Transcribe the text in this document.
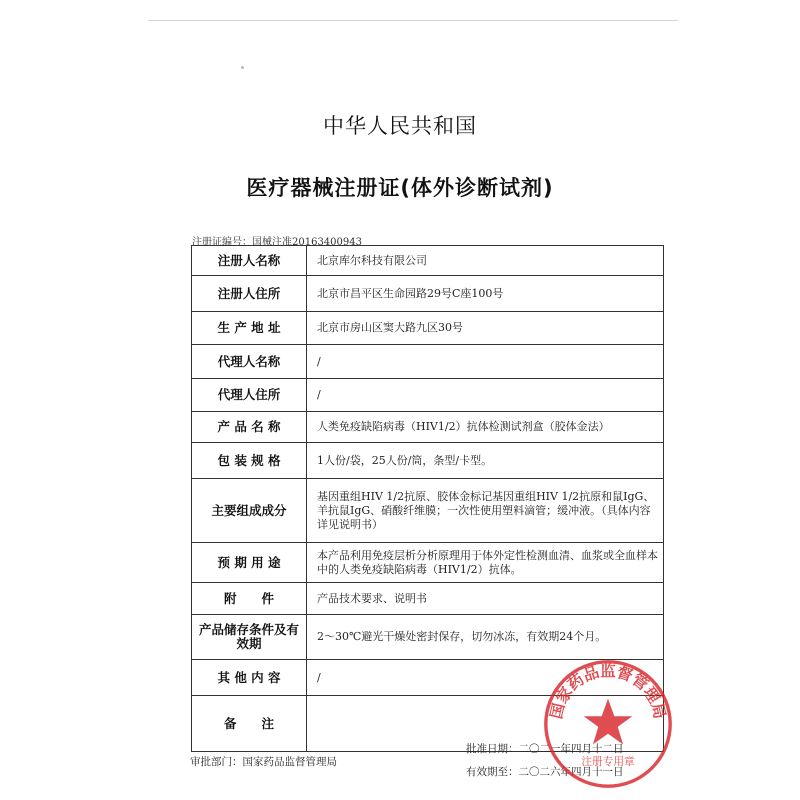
中华人民共和国
医疗器械注册证(体外诊断试剂)
注册证编号：国械注准20163400943
注册人名称	北京库尔科技有限公司
注册人住所	北京市昌平区生命园路29号C座100号
生 产 地 址	北京市房山区窦大路九区30号
代理人名称	/
代理人住所	/
产 品 名 称	人类免疫缺陷病毒（HIV1/2）抗体检测试剂盒（胶体金法）
包 装 规 格	1人份/袋，25人份/筒，条型/卡型。
主要组成成分	基因重组HIV 1/2抗原、胶体金标记基因重组HIV 1/2抗原和鼠IgG、羊抗鼠IgG、硝酸纤维膜；一次性使用塑料滴管；缓冲液。（具体内容详见说明书）
预 期 用 途	本产品利用免疫层析分析原理用于体外定性检测血清、血浆或全血样本中的人类免疫缺陷病毒（HIV1/2）抗体。
附　　件	产品技术要求、说明书
产品储存条件及有效期	2～30℃避光干燥处密封保存，切勿冰冻，有效期24个月。
其 他 内 容	/
备　　注	
审批部门：国家药品监督管理局
批准日期：二〇二一年四月十二日
有效期至：二〇二六年四月十一日
国家药品监督管理局
注册专用章
